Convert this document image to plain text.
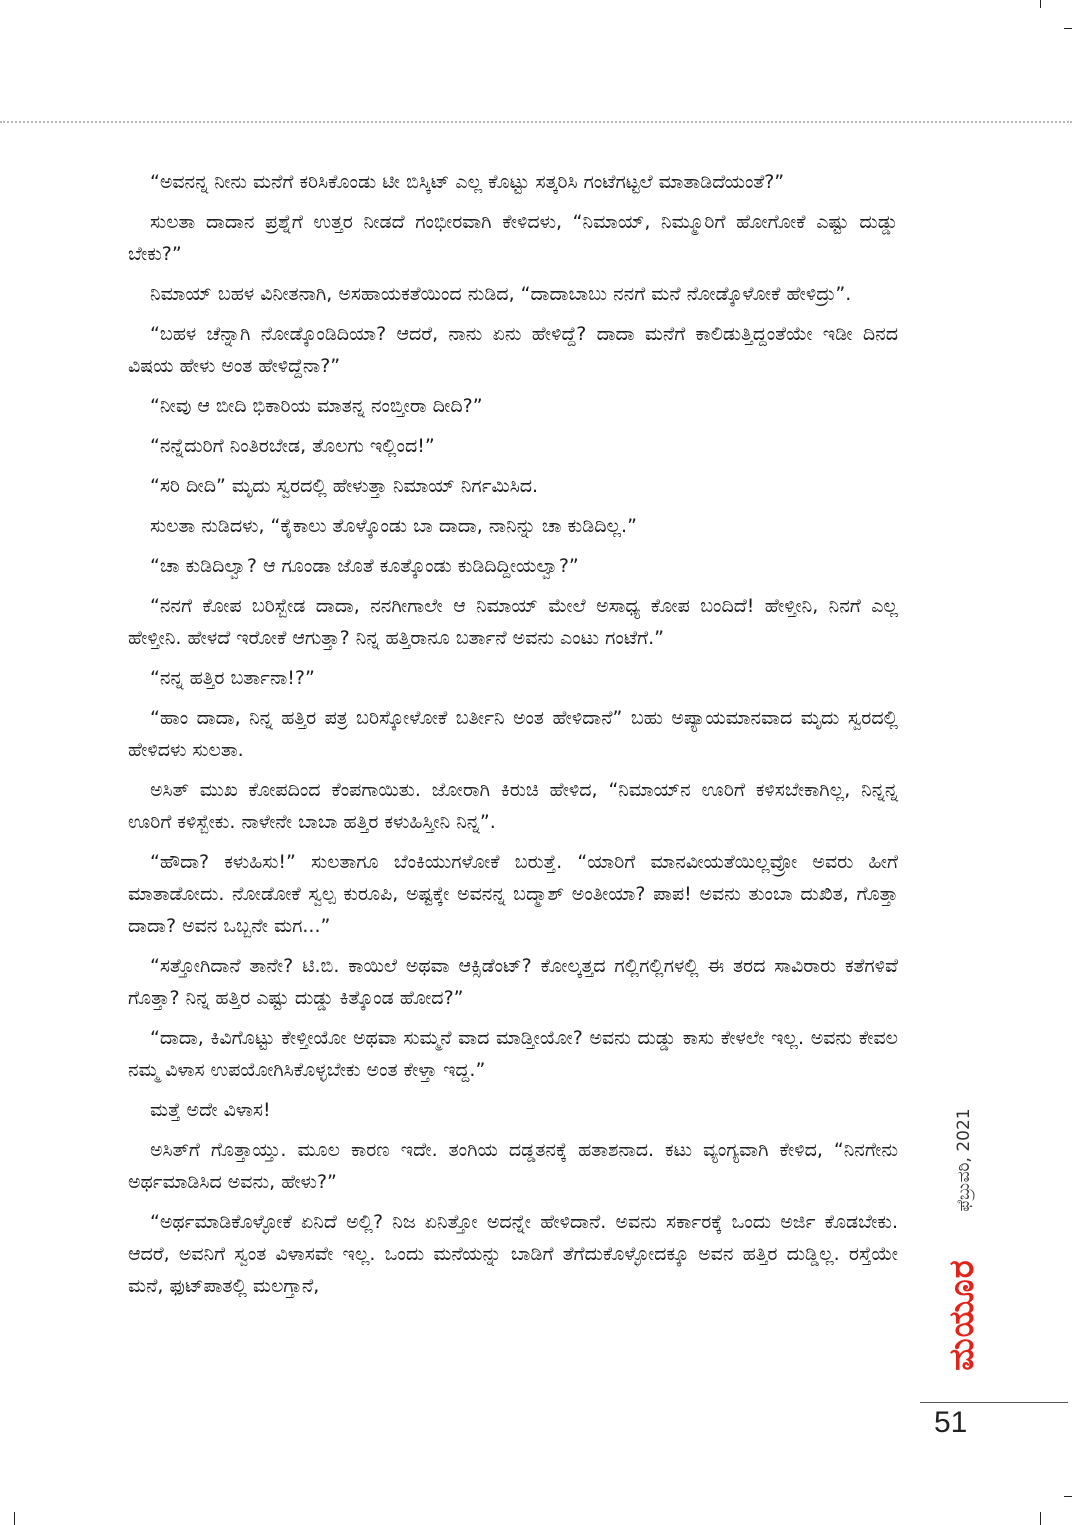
“ಅವನನ್ನ ನೀನು ಮನೆಗೆ ಕರಿಸಿಕೊಂಡು ಟೀ ಬಿಸ್ಕಿಟ್ ಎಲ್ಲ ಕೊಟ್ಟು ಸತ್ಕರಿಸಿ ಗಂಟೆಗಟ್ಟಲೆ ಮಾತಾಡಿದೆಯಂತೆ?”

ಸುಲತಾ ದಾದಾನ ಪ್ರಶ್ನೆಗೆ ಉತ್ತರ ನೀಡದೆ ಗಂಭೀರವಾಗಿ ಕೇಳಿದಳು, “ನಿಮಾಯ್, ನಿಮ್ಮೂರಿಗೆ ಹೋಗೋಕೆ ಎಷ್ಟು ದುಡ್ಡು ಬೇಕು?”

ನಿಮಾಯ್ ಬಹಳ ವಿನೀತನಾಗಿ, ಅಸಹಾಯಕತೆಯಿಂದ ನುಡಿದ, “ದಾದಾಬಾಬು ನನಗೆ ಮನೆ ನೋಡ್ಕೊಳೋಕೆ ಹೇಳಿದ್ರು”.

“ಬಹಳ ಚೆನ್ನಾಗಿ ನೋಡ್ಕೊಂಡಿದಿಯಾ? ಆದರೆ, ನಾನು ಏನು ಹೇಳಿದ್ದೆ? ದಾದಾ ಮನೆಗೆ ಕಾಲಿಡುತ್ತಿದ್ದಂತೆಯೇ ಇಡೀ ದಿನದ ವಿಷಯ ಹೇಳು ಅಂತ ಹೇಳಿದ್ದೆನಾ?”

“ನೀವು ಆ ಬೀದಿ ಭಿಕಾರಿಯ ಮಾತನ್ನ ನಂಬ್ತೀರಾ ದೀದಿ?”

“ನನ್ನೆದುರಿಗೆ ನಿಂತಿರಬೇಡ, ತೊಲಗು ಇಲ್ಲಿಂದ!”

“ಸರಿ ದೀದಿ” ಮೃದು ಸ್ವರದಲ್ಲಿ ಹೇಳುತ್ತಾ ನಿಮಾಯ್ ನಿರ್ಗಮಿಸಿದ.

ಸುಲತಾ ನುಡಿದಳು, “ಕೈಕಾಲು ತೊಳ್ಕೊಂಡು ಬಾ ದಾದಾ, ನಾನಿನ್ನು ಚಾ ಕುಡಿದಿಲ್ಲ.”

“ಚಾ ಕುಡಿದಿಲ್ವಾ? ಆ ಗೂಂಡಾ ಜೊತೆ ಕೂತ್ಕೊಂಡು ಕುಡಿದಿದ್ದೀಯಲ್ವಾ?”

“ನನಗೆ ಕೋಪ ಬರಿಸ್ಬೇಡ ದಾದಾ, ನನಗೀಗಾಲೇ ಆ ನಿಮಾಯ್ ಮೇಲೆ ಅಸಾಧ್ಯ ಕೋಪ ಬಂದಿದೆ! ಹೇಳ್ತೀನಿ, ನಿನಗೆ ಎಲ್ಲ ಹೇಳ್ತೀನಿ. ಹೇಳದೆ ಇರೋಕೆ ಆಗುತ್ತಾ? ನಿನ್ನ ಹತ್ತಿರಾನೂ ಬರ್ತಾನೆ ಅವನು ಎಂಟು ಗಂಟೆಗೆ.”

“ನನ್ನ ಹತ್ತಿರ ಬರ್ತಾನಾ!?”

“ಹಾಂ ದಾದಾ, ನಿನ್ನ ಹತ್ತಿರ ಪತ್ರ ಬರಿಸ್ಕೋಳೋಕೆ ಬರ್ತೀನಿ ಅಂತ ಹೇಳಿದಾನೆ” ಬಹು ಅಪ್ಯಾಯಮಾನವಾದ ಮೃದು ಸ್ವರದಲ್ಲಿ ಹೇಳಿದಳು ಸುಲತಾ.

ಅಸಿತ್ ಮುಖ ಕೋಪದಿಂದ ಕೆಂಪಗಾಯಿತು. ಜೋರಾಗಿ ಕಿರುಚಿ ಹೇಳಿದ, “ನಿಮಾಯ್‌ನ ಊರಿಗೆ ಕಳಿಸಬೇಕಾಗಿಲ್ಲ, ನಿನ್ನನ್ನ ಊರಿಗೆ ಕಳಿಸ್ಬೇಕು. ನಾಳೇನೇ ಬಾಬಾ ಹತ್ತಿರ ಕಳುಹಿಸ್ತೀನಿ ನಿನ್ನ”.

“ಹೌದಾ? ಕಳುಹಿಸು!” ಸುಲತಾಗೂ ಬೆಂಕಿಯುಗಳೋಕೆ ಬರುತ್ತೆ. “ಯಾರಿಗೆ ಮಾನವೀಯತೆಯಿಲ್ಲವ್ರೋ ಅವರು ಹೀಗೆ ಮಾತಾಡೋದು. ನೋಡೋಕೆ ಸ್ವಲ್ಪ ಕುರೂಪಿ, ಅಷ್ಟಕ್ಕೇ ಅವನನ್ನ ಬದ್ಮಾಶ್ ಅಂತೀಯಾ? ಪಾಪ! ಅವನು ತುಂಬಾ ದುಖಿತ, ಗೊತ್ತಾ ದಾದಾ? ಅವನ ಒಬ್ಬನೇ ಮಗ...”

“ಸತ್ತೋಗಿದಾನೆ ತಾನೇ? ಟಿ.ಬಿ. ಕಾಯಿಲೆ ಅಥವಾ ಆಕ್ಸಿಡೆಂಟ್? ಕೋಲ್ಕತ್ತದ ಗಲ್ಲಿಗಲ್ಲಿಗಳಲ್ಲಿ ಈ ತರದ ಸಾವಿರಾರು ಕತೆಗಳಿವೆ ಗೊತ್ತಾ? ನಿನ್ನ ಹತ್ತಿರ ಎಷ್ಟು ದುಡ್ಡು ಕಿತ್ಕೊಂಡ ಹೋದ?”

“ದಾದಾ, ಕಿವಿಗೊಟ್ಟು ಕೇಳ್ತೀಯೋ ಅಥವಾ ಸುಮ್ಮನೆ ವಾದ ಮಾಡ್ತೀಯೋ? ಅವನು ದುಡ್ಡು ಕಾಸು ಕೇಳಲೇ ಇಲ್ಲ. ಅವನು ಕೇವಲ ನಮ್ಮ ವಿಳಾಸ ಉಪಯೋಗಿಸಿಕೊಳ್ಳಬೇಕು ಅಂತ ಕೇಳ್ತಾ ಇದ್ದ.”

ಮತ್ತೆ ಅದೇ ವಿಳಾಸ!

ಅಸಿತ್‌ಗೆ ಗೊತ್ತಾಯ್ತು. ಮೂಲ ಕಾರಣ ಇದೇ. ತಂಗಿಯ ದಡ್ಡತನಕ್ಕೆ ಹತಾಶನಾದ. ಕಟು ವ್ಯಂಗ್ಯವಾಗಿ ಕೇಳಿದ, “ನಿನಗೇನು ಅರ್ಥಮಾಡಿಸಿದ ಅವನು, ಹೇಳು?”

“ಅರ್ಥಮಾಡಿಕೊಳ್ಳೋಕೆ ಏನಿದೆ ಅಲ್ಲಿ? ನಿಜ ಏನಿತ್ತೋ ಅದನ್ನೇ ಹೇಳಿದಾನೆ. ಅವನು ಸರ್ಕಾರಕ್ಕೆ ಒಂದು ಅರ್ಜಿ ಕೊಡಬೇಕು. ಆದರೆ, ಅವನಿಗೆ ಸ್ವಂತ ವಿಳಾಸವೇ ಇಲ್ಲ. ಒಂದು ಮನೆಯನ್ನು ಬಾಡಿಗೆ ತೆಗೆದುಕೊಳ್ಳೋದಕ್ಕೂ ಅವನ ಹತ್ತಿರ ದುಡ್ಡಿಲ್ಲ. ರಸ್ತೆಯೇ ಮನೆ, ಫುಟ್‌ಪಾತಲ್ಲಿ ಮಲಗ್ತಾನೆ,

ಫೆಬ್ರುವರಿ, 2021
ಮಯೂರ
51
